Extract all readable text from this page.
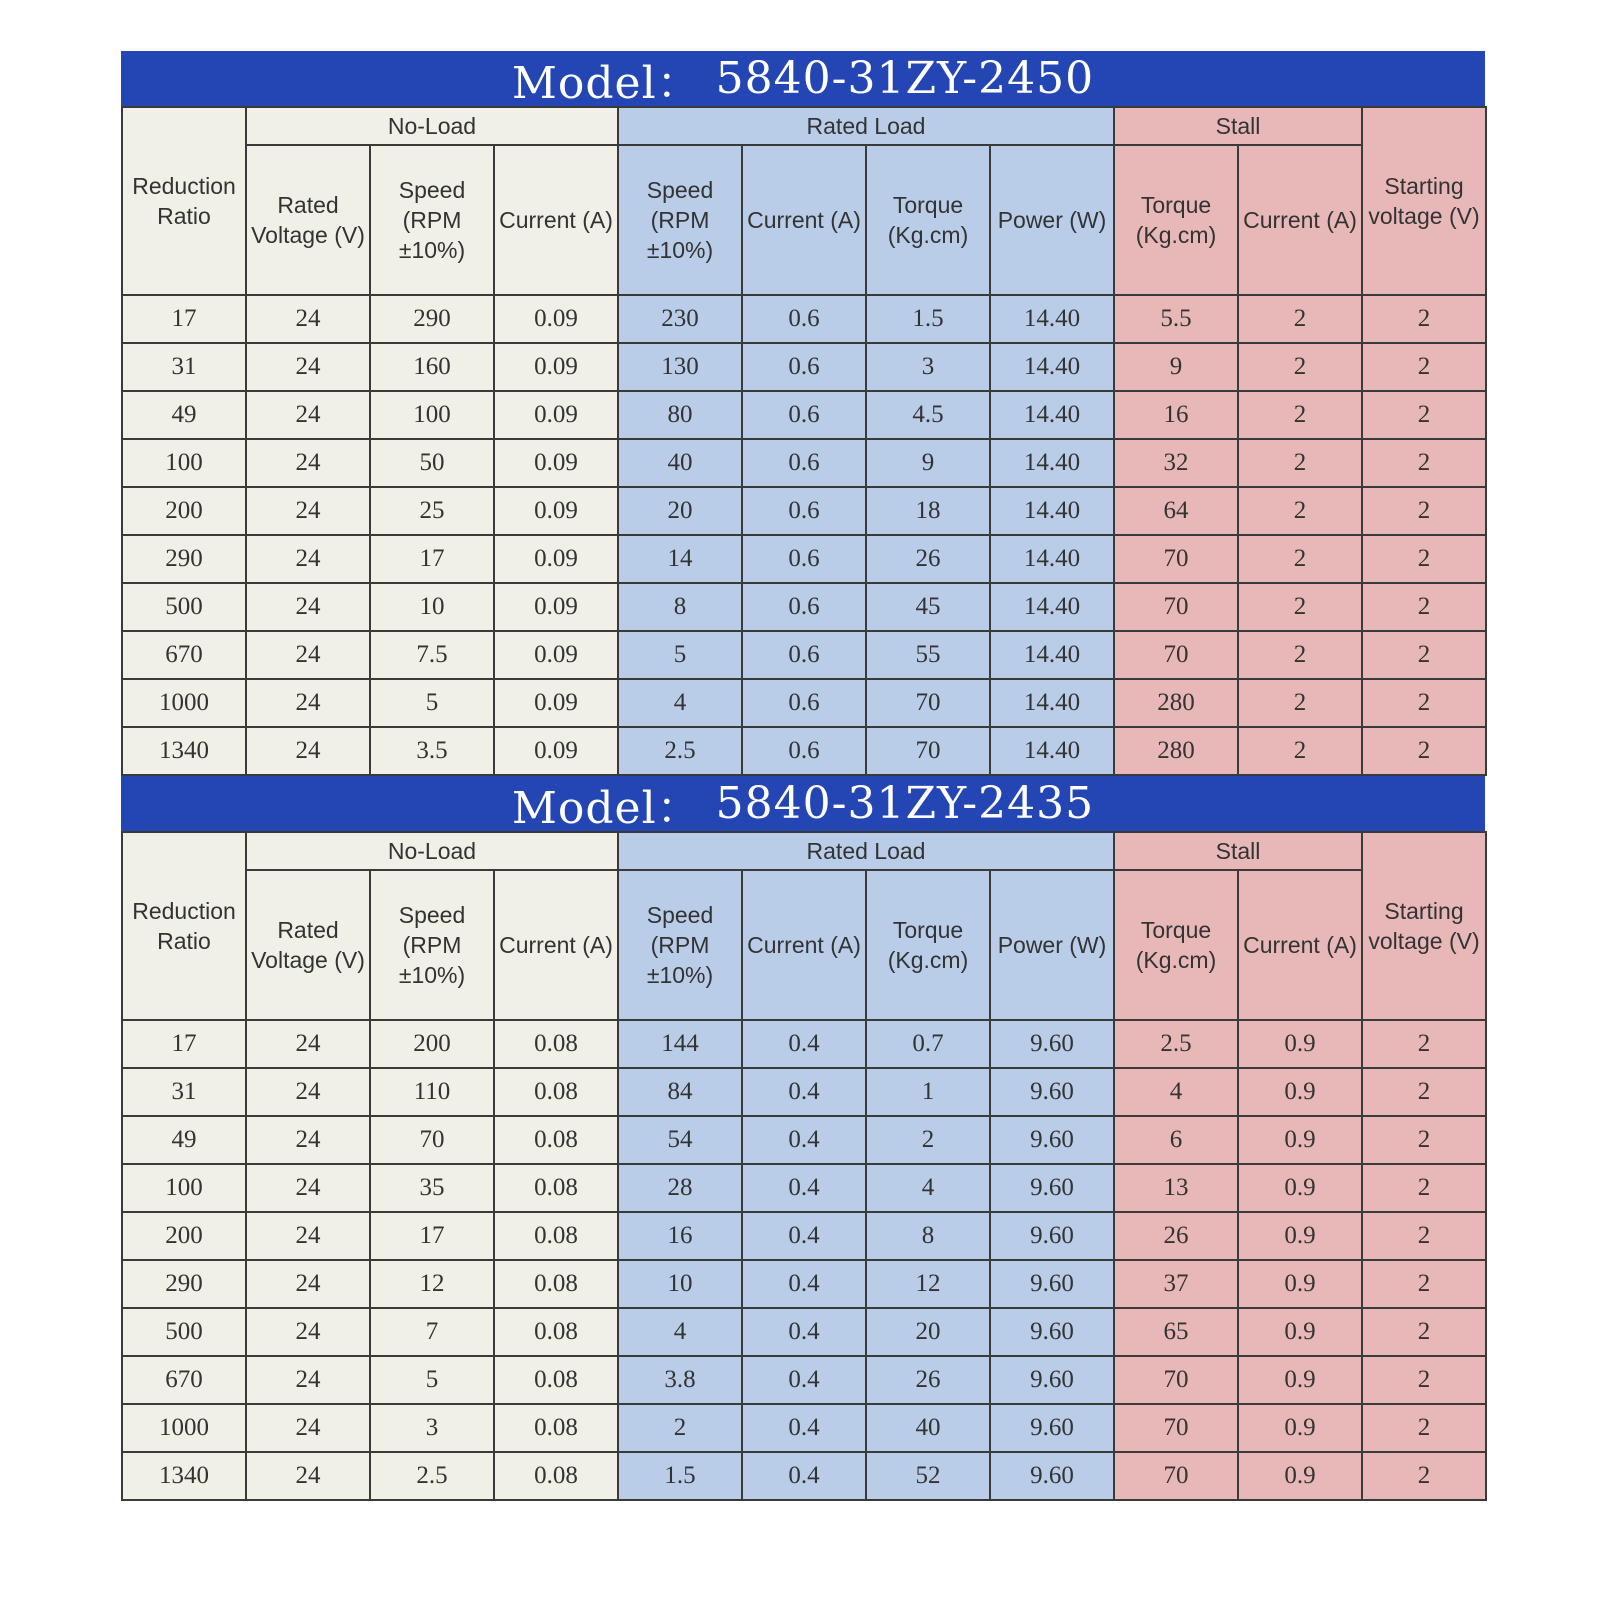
Model： 5840-31ZY-2450
Reduction Ratio	No-Load			Rated Load				Stall		Starting voltage (V)
	Rated Voltage (V)	Speed (RPM ±10%)	Current (A)	Speed (RPM ±10%)	Current (A)	Torque (Kg.cm)	Power (W)	Torque (Kg.cm)	Current (A)	
17	24	290	0.09	230	0.6	1.5	14.40	5.5	2	2
31	24	160	0.09	130	0.6	3	14.40	9	2	2
49	24	100	0.09	80	0.6	4.5	14.40	16	2	2
100	24	50	0.09	40	0.6	9	14.40	32	2	2
200	24	25	0.09	20	0.6	18	14.40	64	2	2
290	24	17	0.09	14	0.6	26	14.40	70	2	2
500	24	10	0.09	8	0.6	45	14.40	70	2	2
670	24	7.5	0.09	5	0.6	55	14.40	70	2	2
1000	24	5	0.09	4	0.6	70	14.40	280	2	2
1340	24	3.5	0.09	2.5	0.6	70	14.40	280	2	2
Model： 5840-31ZY-2435
Reduction Ratio	No-Load			Rated Load				Stall		Starting voltage (V)
	Rated Voltage (V)	Speed (RPM ±10%)	Current (A)	Speed (RPM ±10%)	Current (A)	Torque (Kg.cm)	Power (W)	Torque (Kg.cm)	Current (A)	
17	24	200	0.08	144	0.4	0.7	9.60	2.5	0.9	2
31	24	110	0.08	84	0.4	1	9.60	4	0.9	2
49	24	70	0.08	54	0.4	2	9.60	6	0.9	2
100	24	35	0.08	28	0.4	4	9.60	13	0.9	2
200	24	17	0.08	16	0.4	8	9.60	26	0.9	2
290	24	12	0.08	10	0.4	12	9.60	37	0.9	2
500	24	7	0.08	4	0.4	20	9.60	65	0.9	2
670	24	5	0.08	3.8	0.4	26	9.60	70	0.9	2
1000	24	3	0.08	2	0.4	40	9.60	70	0.9	2
1340	24	2.5	0.08	1.5	0.4	52	9.60	70	0.9	2
